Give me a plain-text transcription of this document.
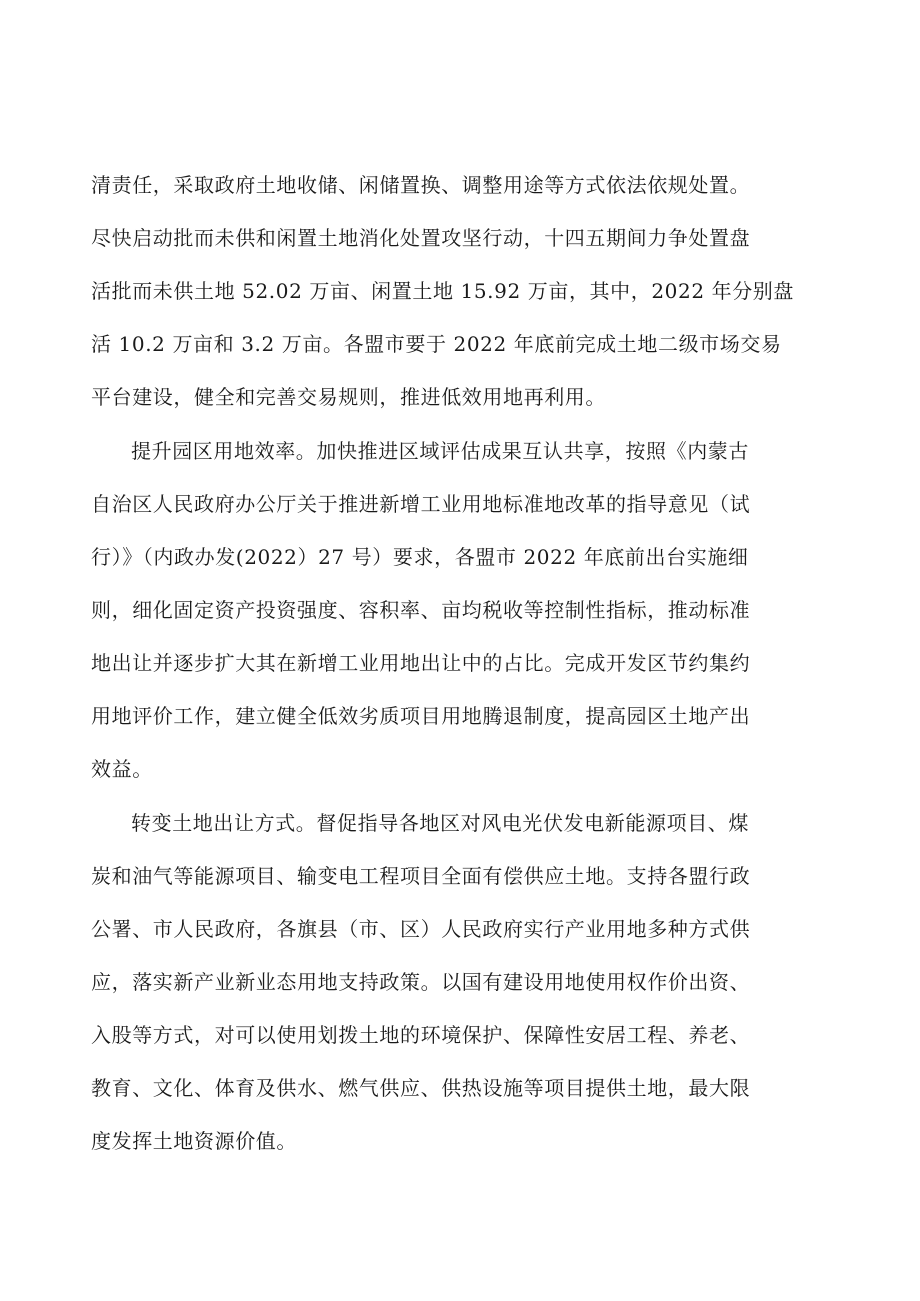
清责任，采取政府土地收储、闲储置换、调整用途等方式依法依规处置。
尽快启动批而未供和闲置土地消化处置攻坚行动，十四五期间力争处置盘
活批而未供土地 52.02 万亩、闲置土地 15.92 万亩，其中，2022 年分别盘
活 10.2 万亩和 3.2 万亩。各盟市要于 2022 年底前完成土地二级市场交易
平台建设，健全和完善交易规则，推进低效用地再利用。
提升园区用地效率。加快推进区域评估成果互认共享，按照《内蒙古
自治区人民政府办公厅关于推进新增工业用地标准地改革的指导意见（试
行）》（内政办发(2022）27 号）要求，各盟市 2022 年底前出台实施细
则，细化固定资产投资强度、容积率、亩均税收等控制性指标，推动标准
地出让并逐步扩大其在新增工业用地出让中的占比。完成开发区节约集约
用地评价工作，建立健全低效劣质项目用地腾退制度，提高园区土地产出
效益。
转变土地出让方式。督促指导各地区对风电光伏发电新能源项目、煤
炭和油气等能源项目、输变电工程项目全面有偿供应土地。支持各盟行政
公署、市人民政府，各旗县（市、区）人民政府实行产业用地多种方式供
应，落实新产业新业态用地支持政策。以国有建设用地使用权作价出资、
入股等方式，对可以使用划拨土地的环境保护、保障性安居工程、养老、
教育、文化、体育及供水、燃气供应、供热设施等项目提供土地，最大限
度发挥土地资源价值。
